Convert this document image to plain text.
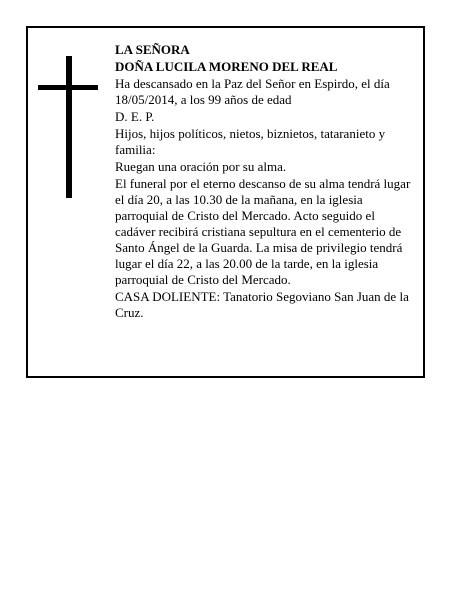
LA SEÑORA

DOÑA LUCILA MORENO DEL REAL

Ha descansado en la Paz del Señor en Espirdo, el día 18/05/2014, a los 99 años de edad

D. E. P.

Hijos, hijos políticos, nietos, biznietos, tataranieto y familia:

Ruegan una oración por su alma.

El funeral por el eterno descanso de su alma tendrá lugar el día 20, a las 10.30 de la mañana, en la iglesia parroquial de Cristo del Mercado. Acto seguido el cadáver recibirá cristiana sepultura en el cementerio de Santo Ángel de la Guarda. La misa de privilegio tendrá lugar el día 22, a las 20.00 de la tarde, en la iglesia parroquial de Cristo del Mercado.

CASA DOLIENTE: Tanatorio Segoviano San Juan de la Cruz.
